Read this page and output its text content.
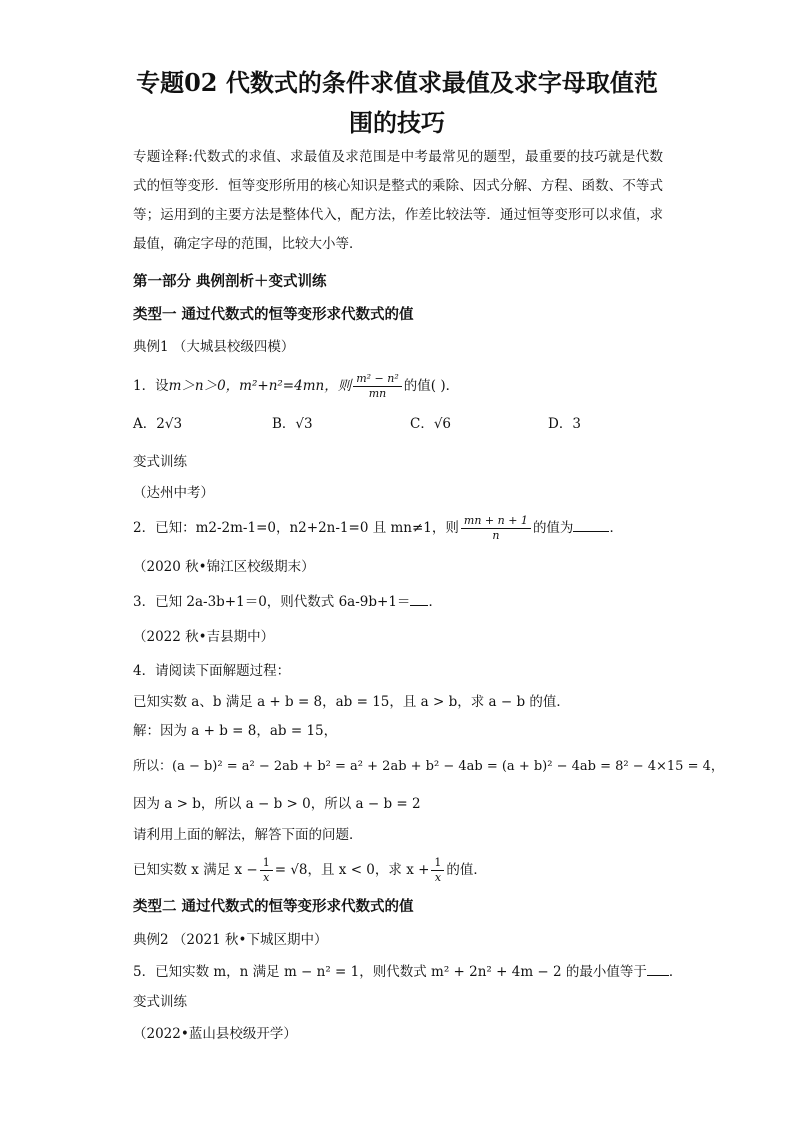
专题02 代数式的条件求值求最值及求字母取值范
围的技巧
专题诠释:代数式的求值、求最值及求范围是中考最常见的题型，最重要的技巧就是代数式的恒等变形．恒等变形所用的核心知识是整式的乘除、因式分解、方程、函数、不等式等；运用到的主要方法是整体代入，配方法，作差比较法等．通过恒等变形可以求值，求最值，确定字母的范围，比较大小等．
第一部分 典例剖析＋变式训练
类型一 通过代数式的恒等变形求代数式的值
典例1 （大城县校级四模）
1．设m＞n＞0，m²+n²=4mn，则 $\frac{\text{m² − n²}}{mn}$ 的值( )．
A．2√3	B．√3	C．√6	D．3
变式训练
（达州中考）
2．已知：m2-2m-1=0，n2+2n-1=0 且 mn≠1，则 $\frac{mn + n + 1}{n}$ 的值为	．
（2020 秋•锦江区校级期末）
3．已知 2a-3b+1＝0，则代数式 6a-9b+1＝ ．
（2022 秋•吉县期中）
4．请阅读下面解题过程：
已知实数 a、b 满足 a + b = 8，ab = 15，且 a > b，求 a − b 的值．
解：因为 a + b = 8，ab = 15，
所以：(a − b)² = a² − 2ab + b² = a² + 2ab + b² − 4ab = (a + b)² − 4ab = 8² − 4×15 = 4，
因为 a > b，所以 a − b > 0，所以 a − b = 2
请利用上面的解法，解答下面的问题．
已知实数 x 满足 $x - \frac{1}{x} = √8$，且 x < 0，求 $x + \frac{1}{x}$ 的值．
类型二 通过代数式的恒等变形求代数式的值
典例2 （2021 秋•下城区期中）
5．已知实数 m，n 满足 m − n² = 1，则代数式 m² + 2n² + 4m − 2 的最小值等于 ．
变式训练
（2022•蓝山县校级开学）
